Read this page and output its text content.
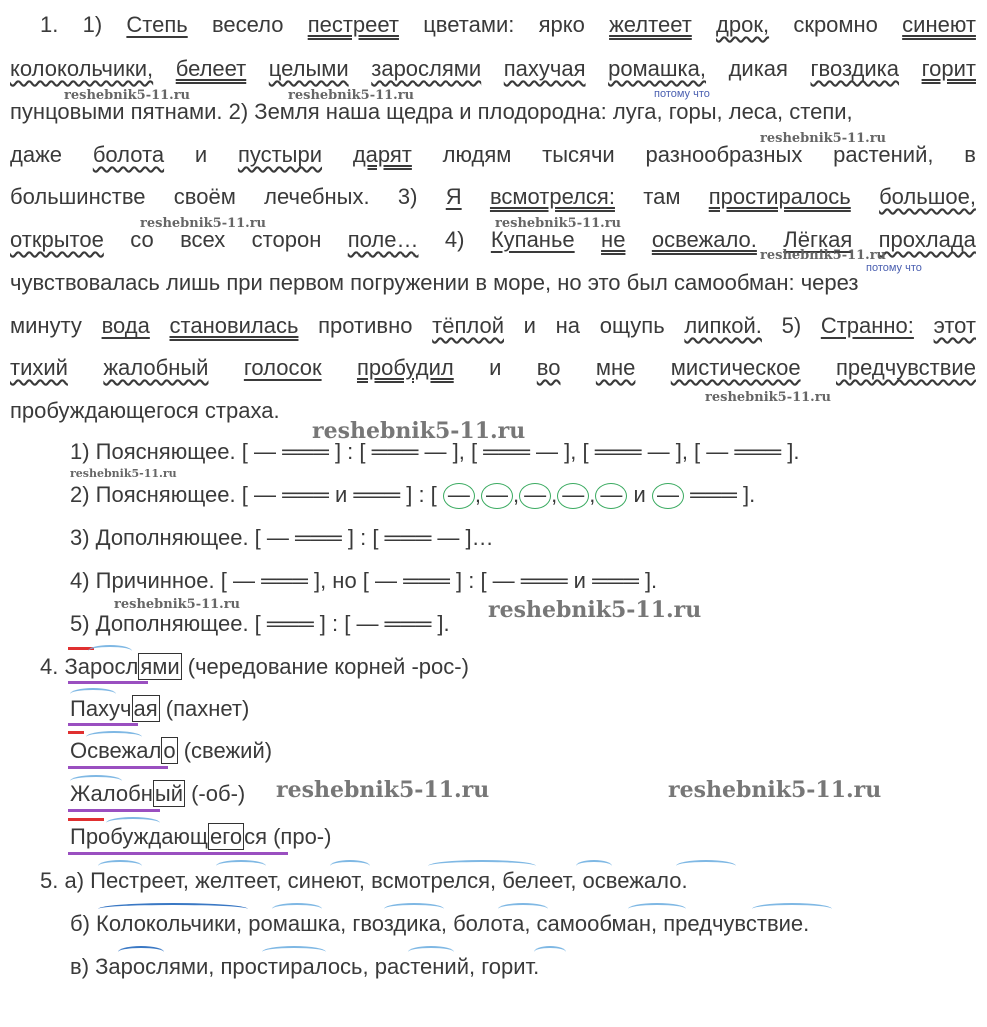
1. 1) Степь весело пестреет цветами: ярко желтеет дрок, скромно синеют
колокольчики, белеет целыми зарослями пахучая ромашка, дикая гвоздика горит
пунцовыми пятнами. 2) Земля наша щедра и плодородна: луга, горы, леса, степи,
даже болота и пустыри дарят людям тысячи разнообразных растений, в
большинстве своём лечебных. 3) Я всмотрелся: там простиралось большое,
открытое со всех сторон поле… 4) Купанье не освежало. Лёгкая прохлада
чувствовалась лишь при первом погружении в море, но это был самообман: через
минуту вода становилась противно тёплой и на ощупь липкой. 5) Странно: этот
тихий жалобный голосок пробудил и во мне мистическое предчувствие
пробуждающегося страха.
потому что
потому что
reshebnik5-11.ru	reshebnik5-11.ru
reshebnik5-11.ru
reshebnik5-11.ru	reshebnik5-11.ru
reshebnik5-11.ru
reshebnik5-11.ru
reshebnik5-11.ru
reshebnik5-11.ru
reshebnik5-11.ru	reshebnik5-11.ru
reshebnik5-11.ru	reshebnik5-11.ru
1) Поясняющее. [ — ═══ ] : [ ═══ — ], [ ═══ — ], [ ═══ — ], [ — ═══ ].
2) Поясняющее. [ — ═══ и ═══ ] : [ — , — , — , — , — и — ═══ ].
3) Дополняющее. [ — ═══ ] : [ ═══ — ]…
4) Причинное. [ — ═══ ], но [ — ═══ ] : [ — ═══ и ═══ ].
5) Дополняющее. [ ═══ ] : [ — ═══ ].
4. Зарослями (чередование корней -рос-)
Пахучая (пахнет)
Освежало (свежий)
Жалобный (-об-)
Пробуждающегося (про-)
5. а) Пестреет, желтеет, синеют, всмотрелся, белеет, освежало.
б) Колокольчики, ромашка, гвоздика, болота, самообман, предчувствие.
в) Зарослями, простиралось, растений, горит.
